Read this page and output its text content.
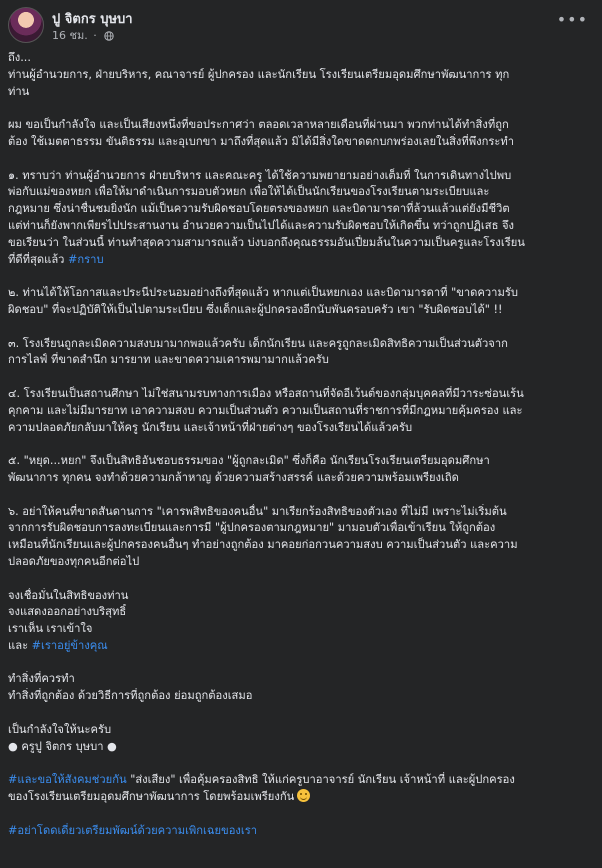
ปู จิตกร บุษบา
16 ชม. ·
•••
ถึง...
ท่านผู้อำนวยการ, ฝ่ายบริหาร, คณาจารย์ ผู้ปกครอง และนักเรียน โรงเรียนเตรียมอุดมศึกษาพัฒนาการ ทุก
ท่าน
ผม ขอเป็นกำลังใจ และเป็นเสียงหนึ่งที่ขอประกาศว่า ตลอดเวลาหลายเดือนที่ผ่านมา พวกท่านได้ทำสิ่งที่ถูก
ต้อง ใช้เมตตาธรรม ขันติธรรม และอุเบกขา มาถึงที่สุดแล้ว มิได้มีสิ่งใดขาดตกบกพร่องเลยในสิ่งที่พึงกระทำ
๑. ทราบว่า ท่านผู้อำนวยการ ฝ่ายบริหาร และคณะครู ได้ใช้ความพยายามอย่างเต็มที่ ในการเดินทางไปพบ
พ่อกับแม่ของหยก เพื่อให้มาดำเนินการมอบตัวหยก เพื่อให้ได้เป็นนักเรียนของโรงเรียนตามระเบียบและ
กฎหมาย ซึ่งน่าชื่นชมยิ่งนัก แม้เป็นความรับผิดชอบโดยตรงของหยก และบิดามารดาที่ล้วนแล้วแต่ยังมีชีวิต
แต่ท่านก็ยังพากเพียรไปประสานงาน อำนวยความเป็นไปได้และความรับผิดชอบให้เกิดขึ้น ทว่าถูกปฏิเสธ จึง
ขอเรียนว่า ในส่วนนี้ ท่านทำสุดความสามารถแล้ว บ่งบอกถึงคุณธรรมอันเปี่ยมล้นในความเป็นครูและโรงเรียน
ที่ดีที่สุดแล้ว #กราบ
๒. ท่านได้ให้โอกาสและประนีประนอมอย่างถึงที่สุดแล้ว หากแต่เป็นหยกเอง และบิดามารดาที่ "ขาดความรับ
ผิดชอบ" ที่จะปฏิบัติให้เป็นไปตามระเบียบ ซึ่งเด็กและผู้ปกครองอีกนับพันครอบครัว เขา "รับผิดชอบได้" !!
๓. โรงเรียนถูกละเมิดความสงบมามากพอแล้วครับ เด็กนักเรียน และครูถูกละเมิดสิทธิความเป็นส่วนตัวจาก
การไลฟ์ ที่ขาดสำนึก มารยาท และขาดความเคารพมามากแล้วครับ
๔. โรงเรียนเป็นสถานศึกษา ไม่ใช่สนามรบทางการเมือง หรือสถานที่จัดอีเว้นต์ของกลุ่มบุคคลที่มีวาระซ่อนเร้น
คุกคาม และไม่มีมารยาท เอาความสงบ ความเป็นส่วนตัว ความเป็นสถานที่ราชการที่มีกฎหมายคุ้มครอง และ
ความปลอดภัยกลับมาให้ครู นักเรียน และเจ้าหน้าที่ฝ่ายต่างๆ ของโรงเรียนได้แล้วครับ
๕. "หยุด...หยก" จึงเป็นสิทธิอันชอบธรรมของ "ผู้ถูกละเมิด" ซึ่งก็คือ นักเรียนโรงเรียนเตรียมอุดมศึกษา
พัฒนาการ ทุกคน จงทำด้วยความกล้าหาญ ด้วยความสร้างสรรค์ และด้วยความพร้อมเพรียงเถิด
๖. อย่าให้คนที่ขาดสันดานการ "เคารพสิทธิของคนอื่น" มาเรียกร้องสิทธิของตัวเอง ที่ไม่มี เพราะไม่เริ่มต้น
จากการรับผิดชอบการลงทะเบียนและการมี "ผู้ปกครองตามกฎหมาย" มามอบตัวเพื่อเข้าเรียน ให้ถูกต้อง
เหมือนที่นักเรียนและผู้ปกครองคนอื่นๆ ทำอย่างถูกต้อง มาคอยก่อกวนความสงบ ความเป็นส่วนตัว และความ
ปลอดภัยของทุกคนอีกต่อไป
จงเชื่อมั่นในสิทธิของท่าน
จงแสดงออกอย่างบริสุทธิ์
เราเห็น เราเข้าใจ
และ #เราอยู่ข้างคุณ
ทำสิ่งที่ควรทำ
ทำสิ่งที่ถูกต้อง ด้วยวิธีการที่ถูกต้อง ย่อมถูกต้องเสมอ
เป็นกำลังใจให้นะครับ
● ครูปู จิตกร บุษบา ●
#และขอให้สังคมช่วยกัน "ส่งเสียง" เพื่อคุ้มครองสิทธิ ให้แก่ครูบาอาจารย์ นักเรียน เจ้าหน้าที่ และผู้ปกครอง
ของโรงเรียนเตรียมอุดมศึกษาพัฒนาการ โดยพร้อมเพรียงกัน
#อย่าโดดเดี่ยวเตรียมพัฒน์ด้วยความเพิกเฉยของเรา
